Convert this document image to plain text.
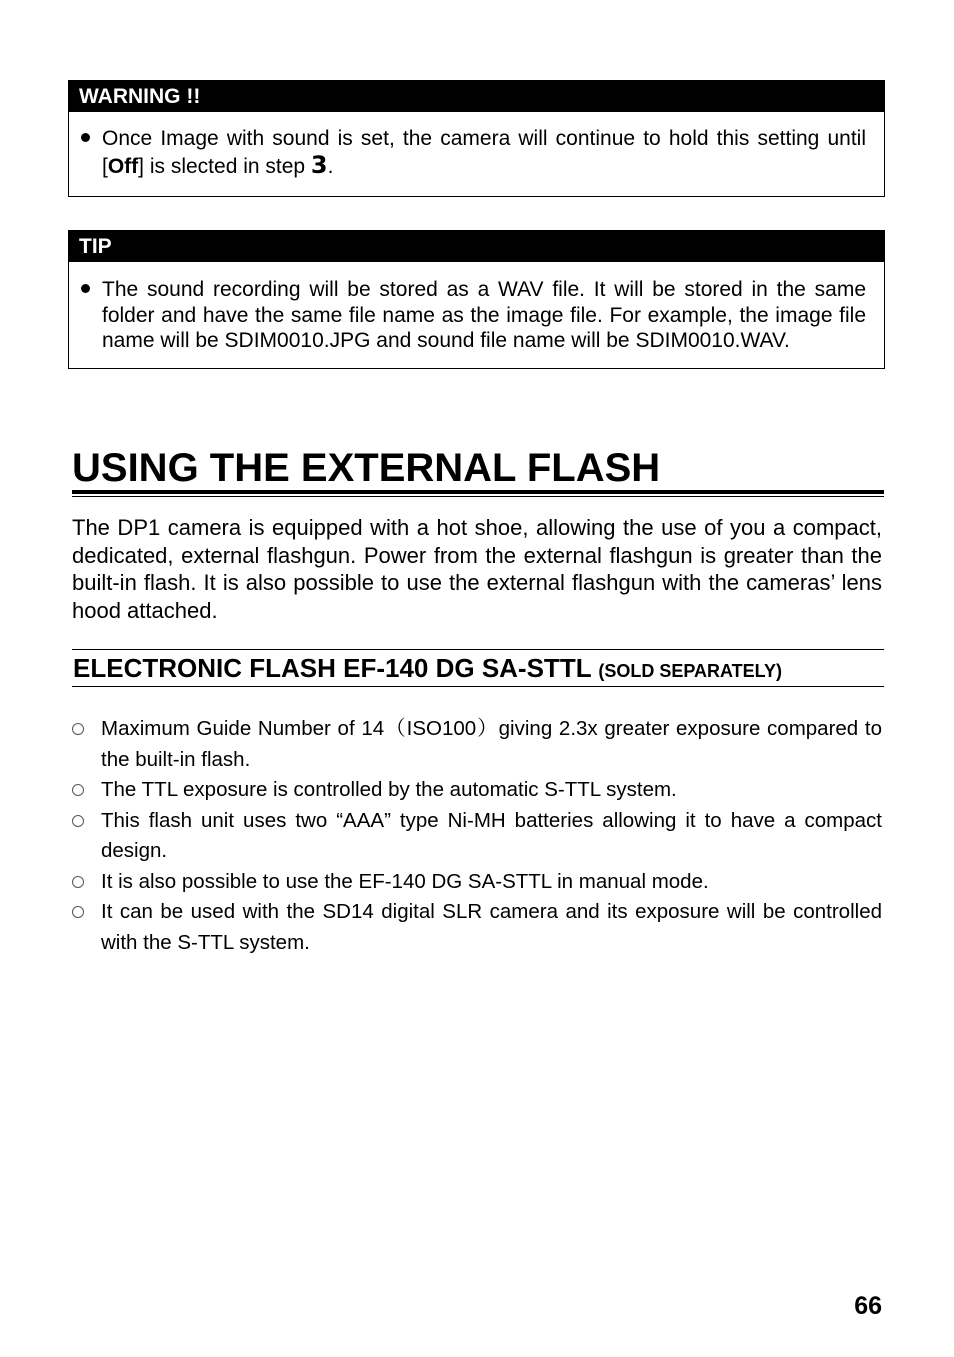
WARNING !!
Once Image with sound is set, the camera will continue to hold this setting until [Off] is slected in step 3.
TIP
The sound recording will be stored as a WAV file. It will be stored in the same folder and have the same file name as the image file. For example, the image file name will be SDIM0010.JPG and sound file name will be SDIM0010.WAV.
USING THE EXTERNAL FLASH

The DP1 camera is equipped with a hot shoe, allowing the use of you a compact, dedicated, external flashgun. Power from the external flashgun is greater than the built-in flash. It is also possible to use the external flashgun with the cameras’ lens hood attached.

ELECTRONIC FLASH EF-140 DG SA-STTL (SOLD SEPARATELY)
Maximum Guide Number of 14（ISO100）giving 2.3x greater exposure compared to the built-in flash.
The TTL exposure is controlled by the automatic S-TTL system.
This flash unit uses two “AAA” type Ni-MH batteries allowing it to have a compact design.
It is also possible to use the EF-140 DG SA-STTL in manual mode.
It can be used with the SD14 digital SLR camera and its exposure will be controlled with the S-TTL system.
66
